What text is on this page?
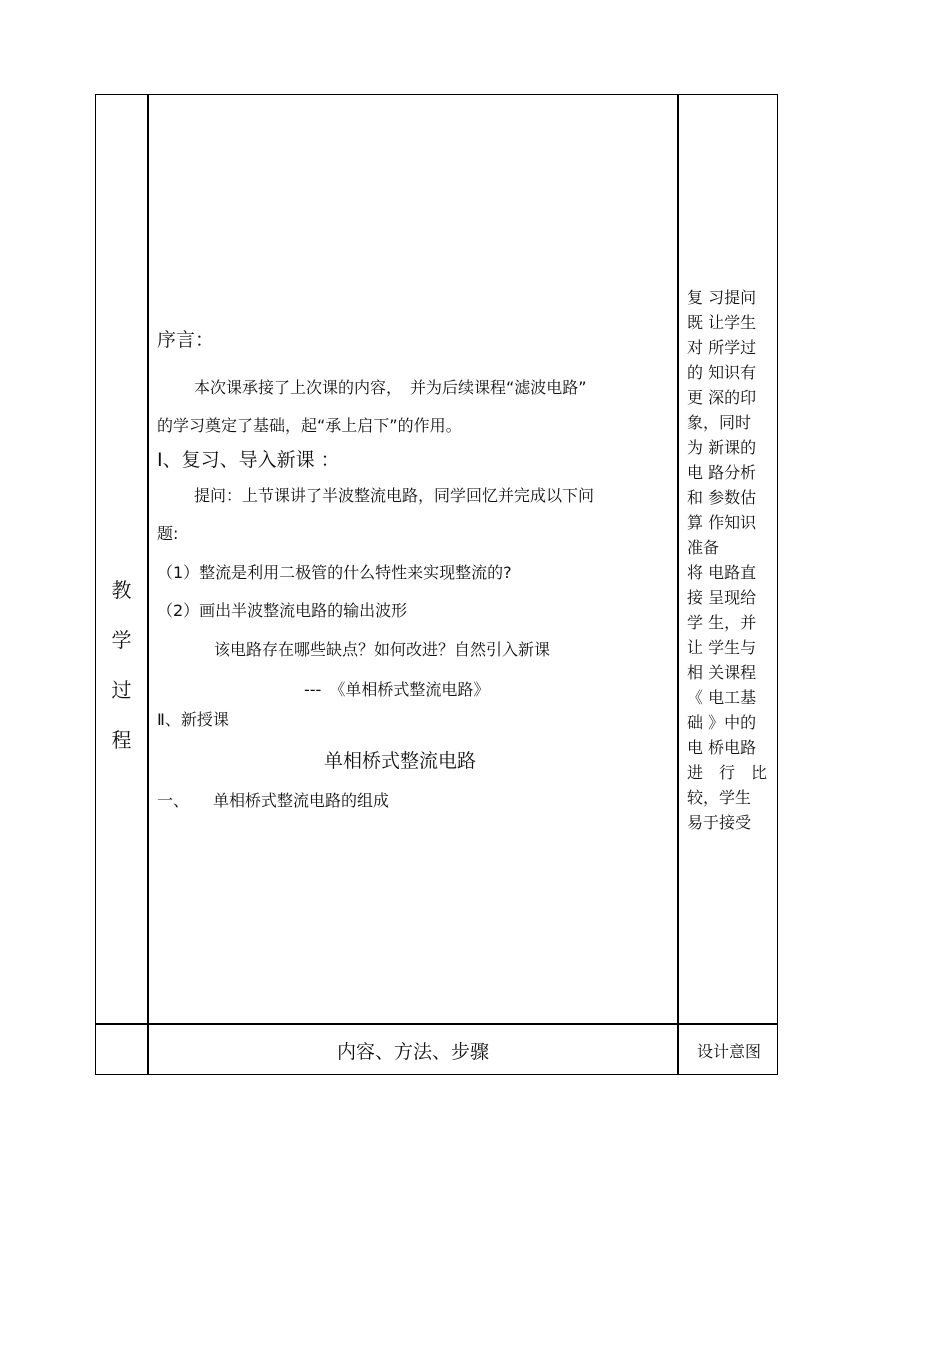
教
学
过
程
序言：
本次课承接了上次课的内容，　并为后续课程“滤波电路”
的学习奠定了基础，起“承上启下”的作用。
Ⅰ、复习、导入新课 ：
提问：上节课讲了半波整流电路，同学回忆并完成以下问
题:
（1）整流是利用二极管的什么特性来实现整流的?
（2）画出半波整流电路的输出波形
该电路存在哪些缺点？如何改进？自然引入新课
---　《单相桥式整流电路》
Ⅱ、新授课
单相桥式整流电路
一、　　单相桥式整流电路的组成
复 习提问
既 让学生
对 所学过
的 知识有
更 深的印
象，同时
为 新课的
电 路分析
和 参数估
算 作知识
准备
将 电路直
接 呈现给
学 生，并
让 学生与
相 关课程
《 电工基
础 》中的
电 桥电路
进　行　比
较，学生
易于接受
内容、方法、步骤	设计意图
